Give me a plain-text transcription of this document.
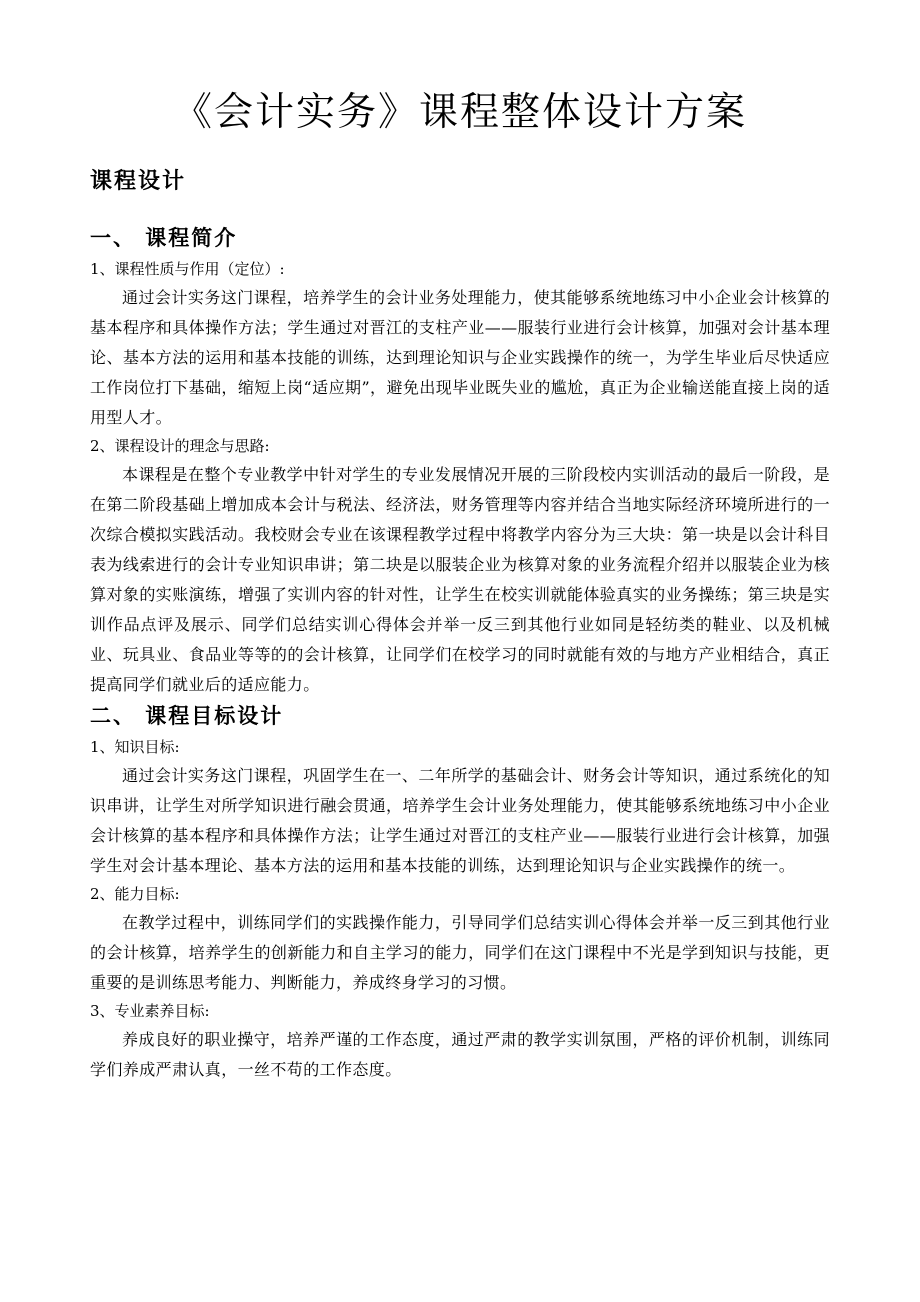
《会计实务》课程整体设计方案
课程设计
一、 课程简介

1、课程性质与作用（定位）:

通过会计实务这门课程，培养学生的会计业务处理能力，使其能够系统地练习中小企业会计核算的基本程序和具体操作方法；学生通过对晋江的支柱产业——服装行业进行会计核算，加强对会计基本理论、基本方法的运用和基本技能的训练，达到理论知识与企业实践操作的统一，为学生毕业后尽快适应工作岗位打下基础，缩短上岗“适应期”，避免出现毕业既失业的尴尬，真正为企业输送能直接上岗的适用型人才。

2、课程设计的理念与思路:

本课程是在整个专业教学中针对学生的专业发展情况开展的三阶段校内实训活动的最后一阶段，是在第二阶段基础上增加成本会计与税法、经济法，财务管理等内容并结合当地实际经济环境所进行的一次综合模拟实践活动。我校财会专业在该课程教学过程中将教学内容分为三大块：第一块是以会计科目表为线索进行的会计专业知识串讲；第二块是以服装企业为核算对象的业务流程介绍并以服装企业为核算对象的实账演练，增强了实训内容的针对性，让学生在校实训就能体验真实的业务操练；第三块是实训作品点评及展示、同学们总结实训心得体会并举一反三到其他行业如同是轻纺类的鞋业、以及机械业、玩具业、食品业等等的的会计核算，让同学们在校学习的同时就能有效的与地方产业相结合，真正提高同学们就业后的适应能力。

二、 课程目标设计

1、知识目标:

通过会计实务这门课程，巩固学生在一、二年所学的基础会计、财务会计等知识，通过系统化的知识串讲，让学生对所学知识进行融会贯通，培养学生会计业务处理能力，使其能够系统地练习中小企业会计核算的基本程序和具体操作方法；让学生通过对晋江的支柱产业——服装行业进行会计核算，加强学生对会计基本理论、基本方法的运用和基本技能的训练，达到理论知识与企业实践操作的统一。

2、能力目标:

在教学过程中，训练同学们的实践操作能力，引导同学们总结实训心得体会并举一反三到其他行业的会计核算，培养学生的创新能力和自主学习的能力，同学们在这门课程中不光是学到知识与技能，更重要的是训练思考能力、判断能力，养成终身学习的习惯。

3、专业素养目标:

养成良好的职业操守，培养严谨的工作态度，通过严肃的教学实训氛围，严格的评价机制，训练同学们养成严肃认真，一丝不苟的工作态度。
